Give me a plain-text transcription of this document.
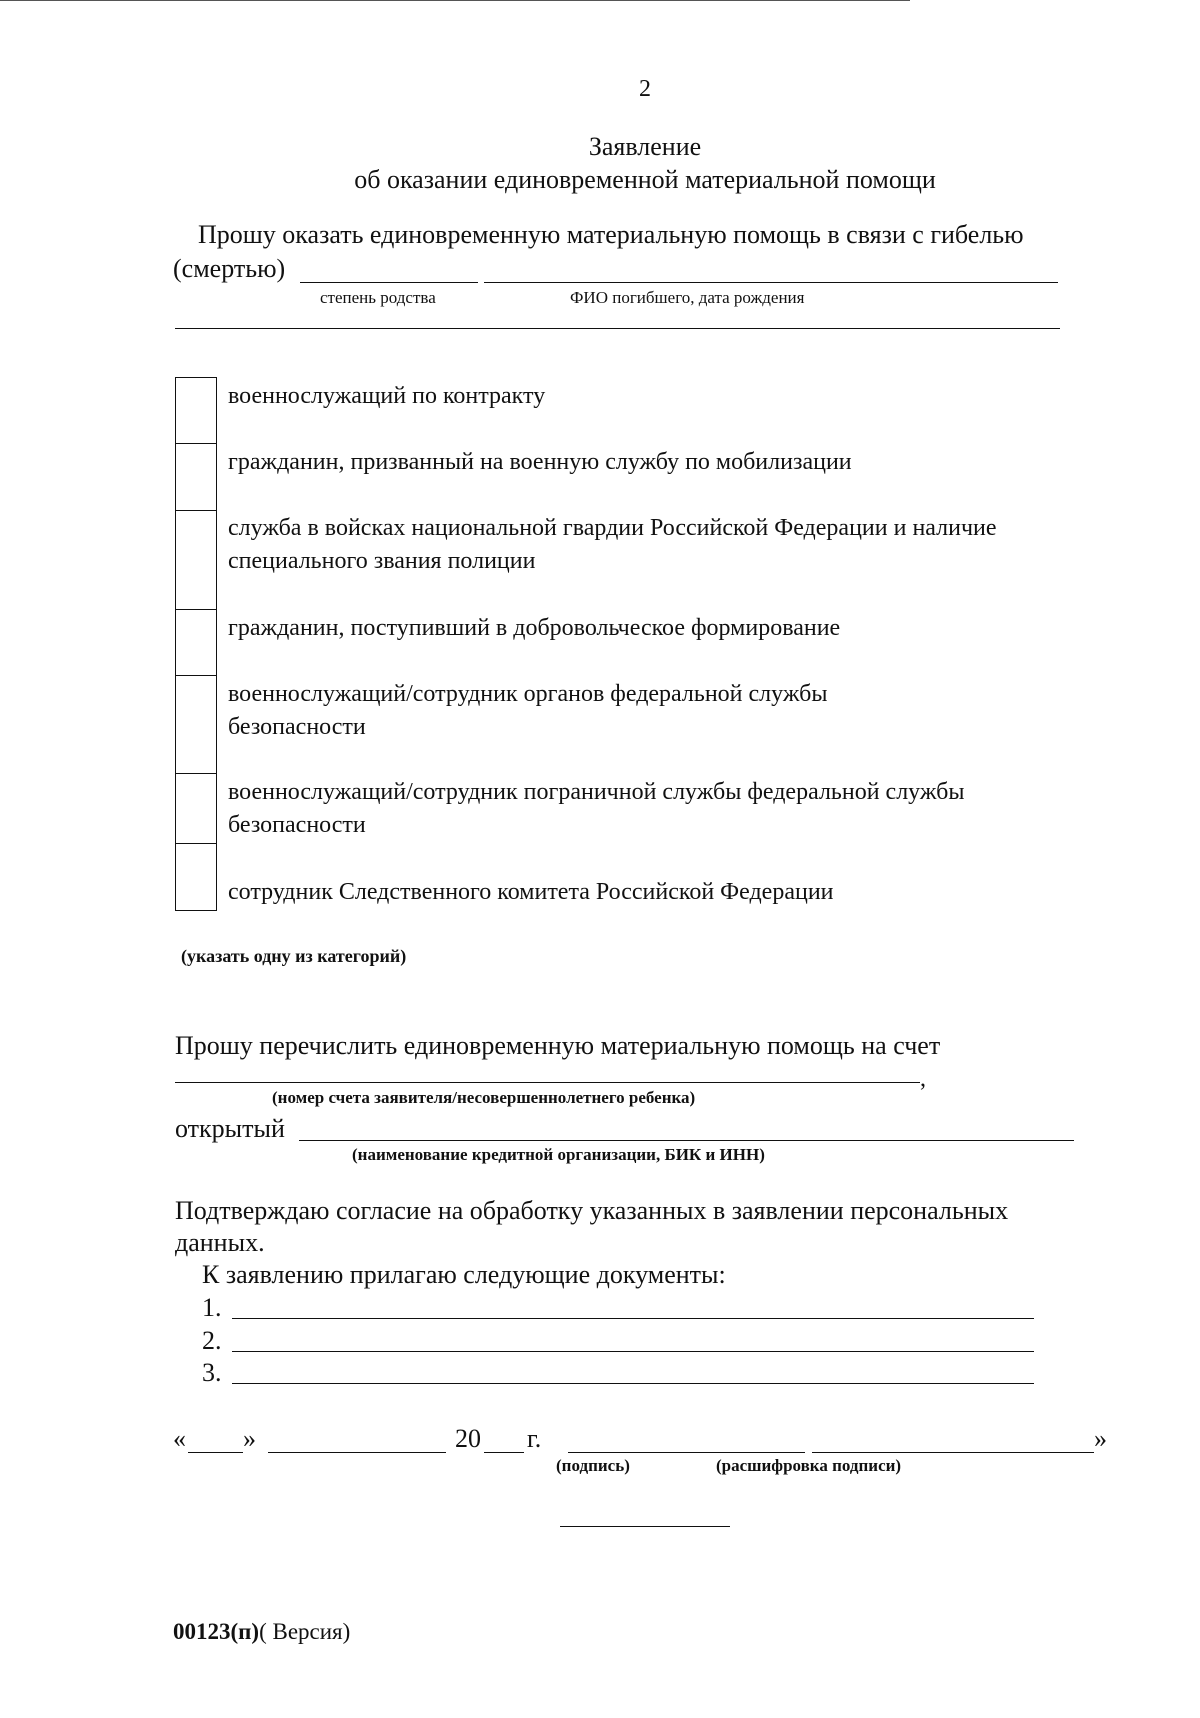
2
Заявление
об оказании единовременной материальной помощи
Прошу оказать единовременную материальную помощь в связи с гибелью
(смертью)
степень родства	ФИО погибшего, дата рождения
военнослужащий по контракту
гражданин, призванный на военную службу по мобилизации
служба в войсках национальной гвардии Российской Федерации и наличие специального звания полиции
гражданин, поступивший в добровольческое формирование
военнослужащий/сотрудник органов федеральной службы безопасности
военнослужащий/сотрудник пограничной службы федеральной службы безопасности
сотрудник Следственного комитета Российской Федерации
(указать одну из категорий)
Прошу перечислить единовременную материальную помощь на счет
,
(номер счета заявителя/несовершеннолетнего ребенка)
открытый
(наименование кредитной организации, БИК и ИНН)
Подтверждаю согласие на обработку указанных в заявлении персональных данных.
К заявлению прилагаю следующие документы:
1.
2.
3.
« »	20 г.	»
(подпись)	(расшифровка подписи)
00123(п)( Версия)
